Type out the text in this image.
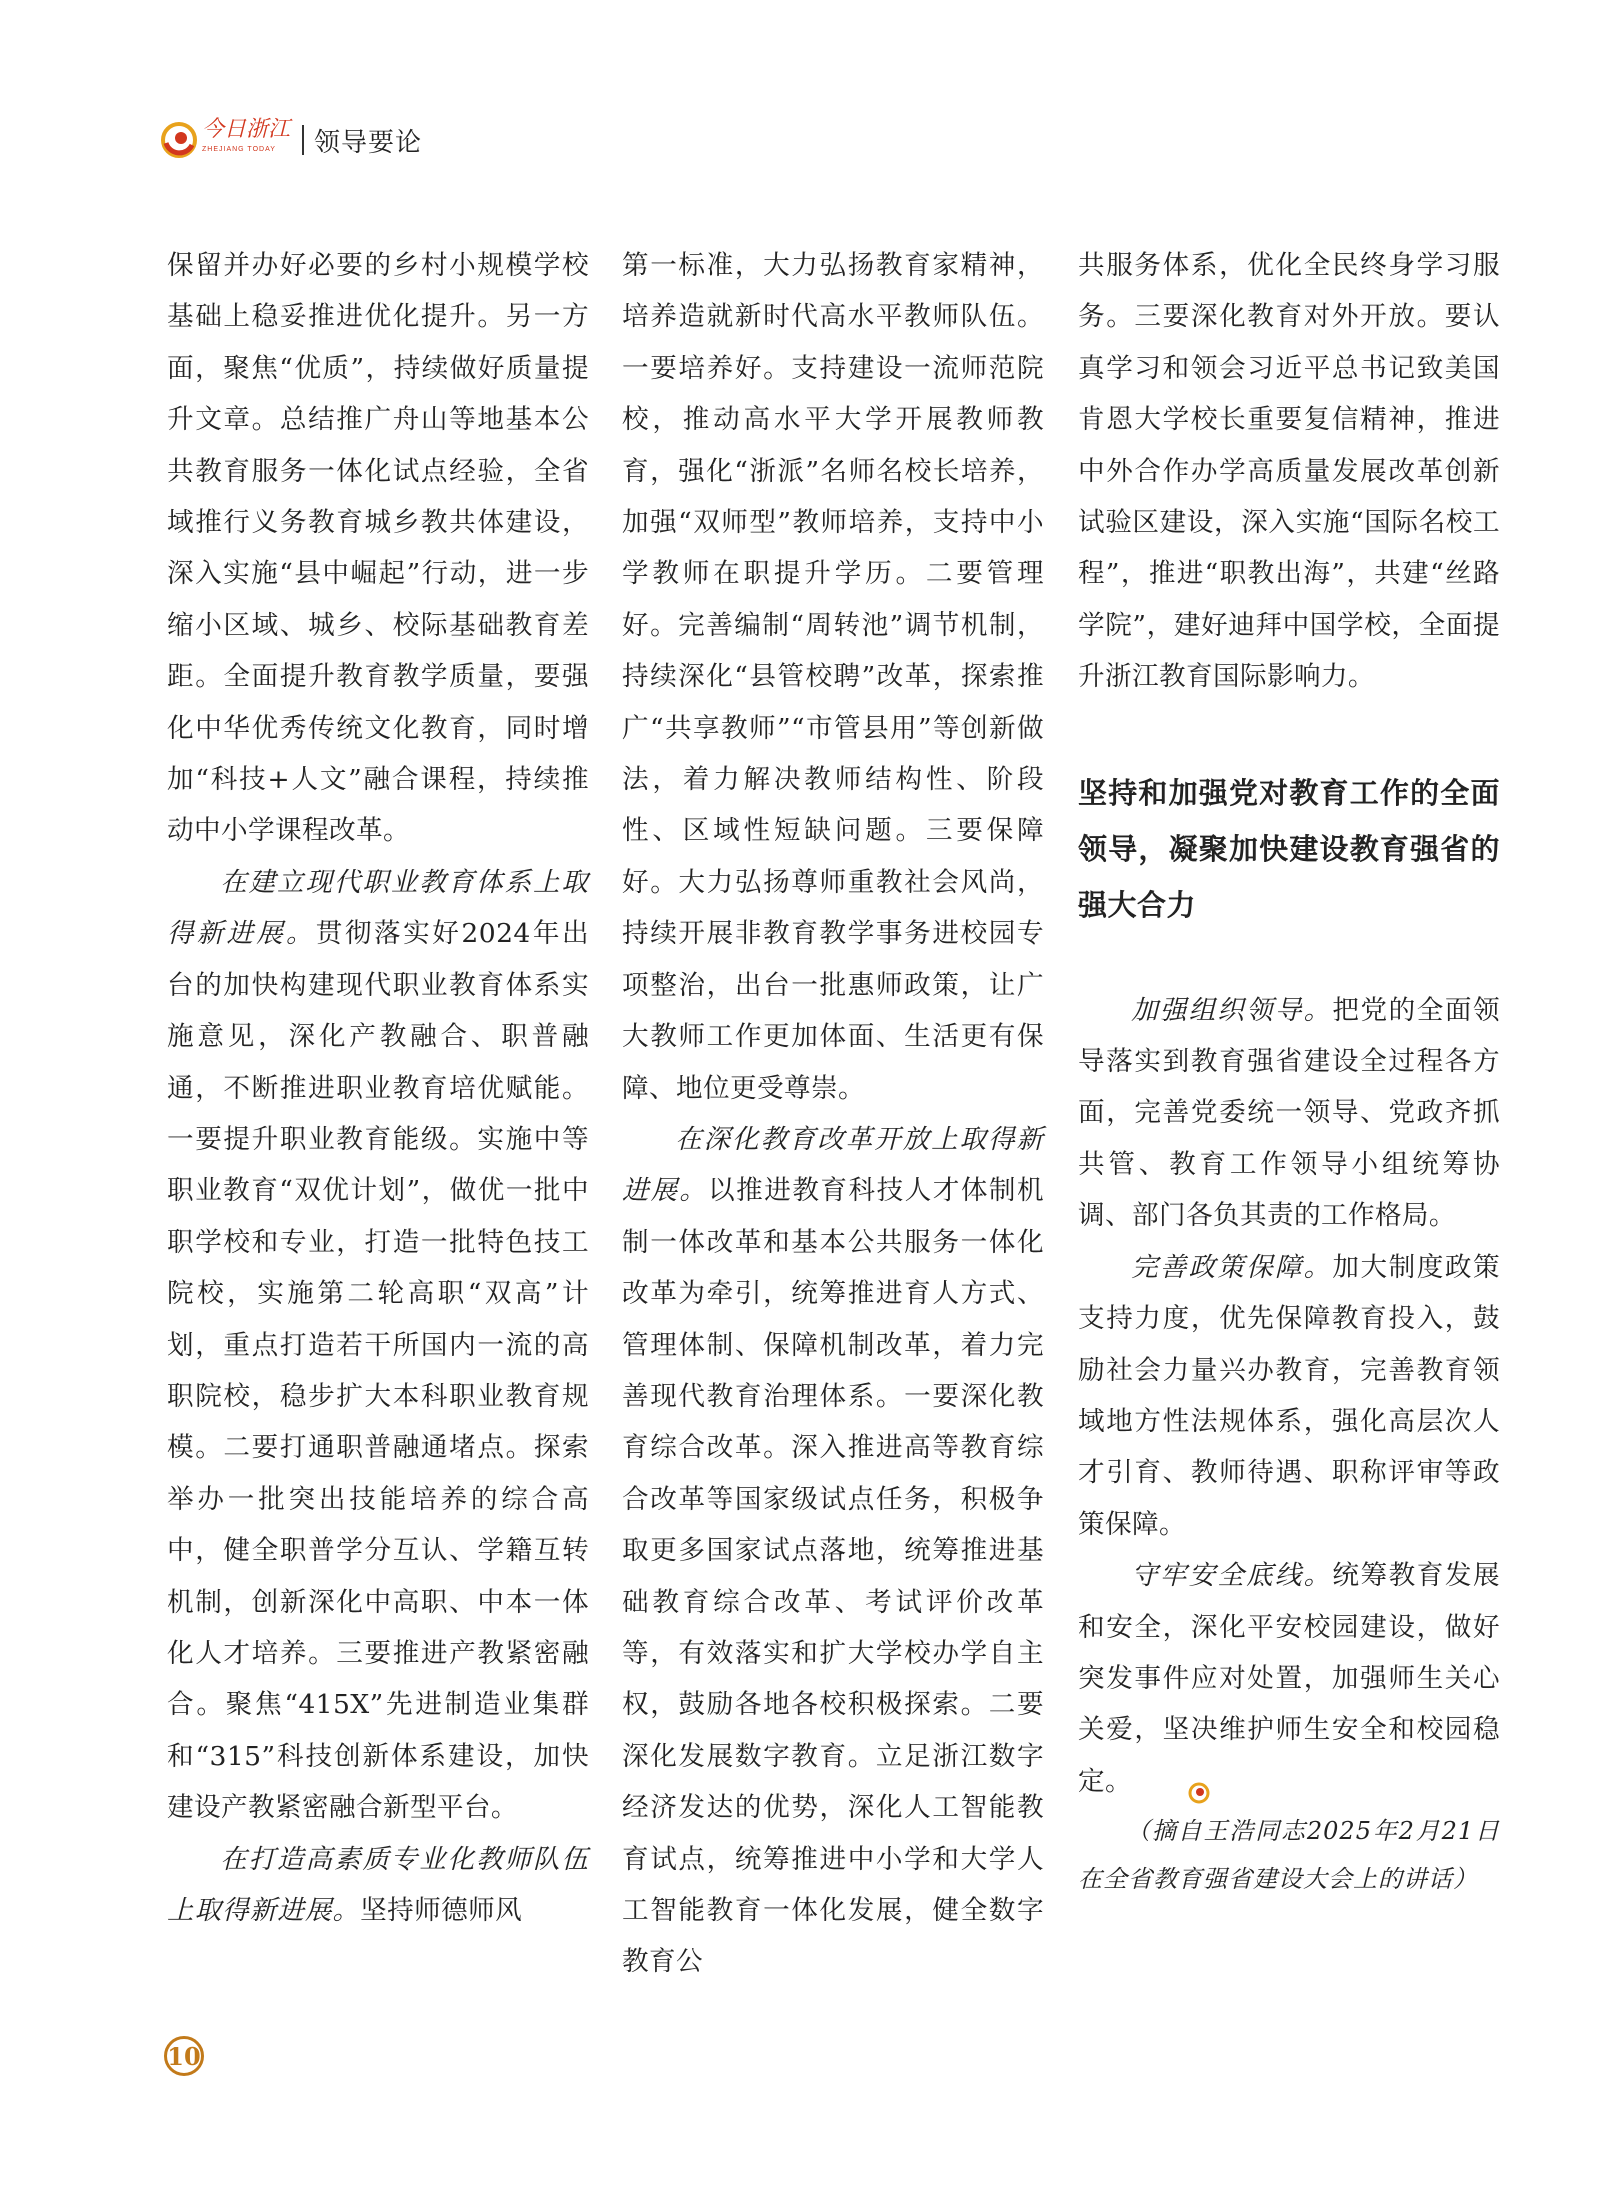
今日浙江
ZHEJIANG TODAY	领导要论

保留并办好必要的乡村小规模学校基础上稳妥推进优化提升。另一方面，聚焦“优质”，持续做好质量提升文章。总结推广舟山等地基本公共教育服务一体化试点经验，全省域推行义务教育城乡教共体建设，深入实施“县中崛起”行动，进一步缩小区域、城乡、校际基础教育差距。全面提升教育教学质量，要强化中华优秀传统文化教育，同时增加“科技+人文”融合课程，持续推动中小学课程改革。

在建立现代职业教育体系上取得新进展。贯彻落实好2024年出台的加快构建现代职业教育体系实施意见，深化产教融合、职普融通，不断推进职业教育培优赋能。一要提升职业教育能级。实施中等职业教育“双优计划”，做优一批中职学校和专业，打造一批特色技工院校，实施第二轮高职“双高”计划，重点打造若干所国内一流的高职院校，稳步扩大本科职业教育规模。二要打通职普融通堵点。探索举办一批突出技能培养的综合高中，健全职普学分互认、学籍互转机制，创新深化中高职、中本一体化人才培养。三要推进产教紧密融合。聚焦“415X”先进制造业集群和“315”科技创新体系建设，加快建设产教紧密融合新型平台。

在打造高素质专业化教师队伍上取得新进展。坚持师德师风

第一标准，大力弘扬教育家精神，培养造就新时代高水平教师队伍。一要培养好。支持建设一流师范院校，推动高水平大学开展教师教育，强化“浙派”名师名校长培养，加强“双师型”教师培养，支持中小学教师在职提升学历。二要管理好。完善编制“周转池”调节机制，持续深化“县管校聘”改革，探索推广“共享教师”“市管县用”等创新做法，着力解决教师结构性、阶段性、区域性短缺问题。三要保障好。大力弘扬尊师重教社会风尚，持续开展非教育教学事务进校园专项整治，出台一批惠师政策，让广大教师工作更加体面、生活更有保障、地位更受尊崇。

在深化教育改革开放上取得新进展。以推进教育科技人才体制机制一体改革和基本公共服务一体化改革为牵引，统筹推进育人方式、管理体制、保障机制改革，着力完善现代教育治理体系。一要深化教育综合改革。深入推进高等教育综合改革等国家级试点任务，积极争取更多国家试点落地，统筹推进基础教育综合改革、考试评价改革等，有效落实和扩大学校办学自主权，鼓励各地各校积极探索。二要深化发展数字教育。立足浙江数字经济发达的优势，深化人工智能教育试点，统筹推进中小学和大学人工智能教育一体化发展，健全数字教育公

共服务体系，优化全民终身学习服务。三要深化教育对外开放。要认真学习和领会习近平总书记致美国肯恩大学校长重要复信精神，推进中外合作办学高质量发展改革创新试验区建设，深入实施“国际名校工程”，推进“职教出海”，共建“丝路学院”，建好迪拜中国学校，全面提升浙江教育国际影响力。

坚持和加强党对教育工作的全面领导，凝聚加快建设教育强省的强大合力

加强组织领导。把党的全面领导落实到教育强省建设全过程各方面，完善党委统一领导、党政齐抓共管、教育工作领导小组统筹协调、部门各负其责的工作格局。

完善政策保障。加大制度政策支持力度，优先保障教育投入，鼓励社会力量兴办教育，完善教育领域地方性法规体系，强化高层次人才引育、教师待遇、职称评审等政策保障。

守牢安全底线。统筹教育发展和安全，深化平安校园建设，做好突发事件应对处置，加强师生关心关爱，坚决维护师生安全和校园稳定。

（摘自王浩同志2025年2月21日在全省教育强省建设大会上的讲话）

10
